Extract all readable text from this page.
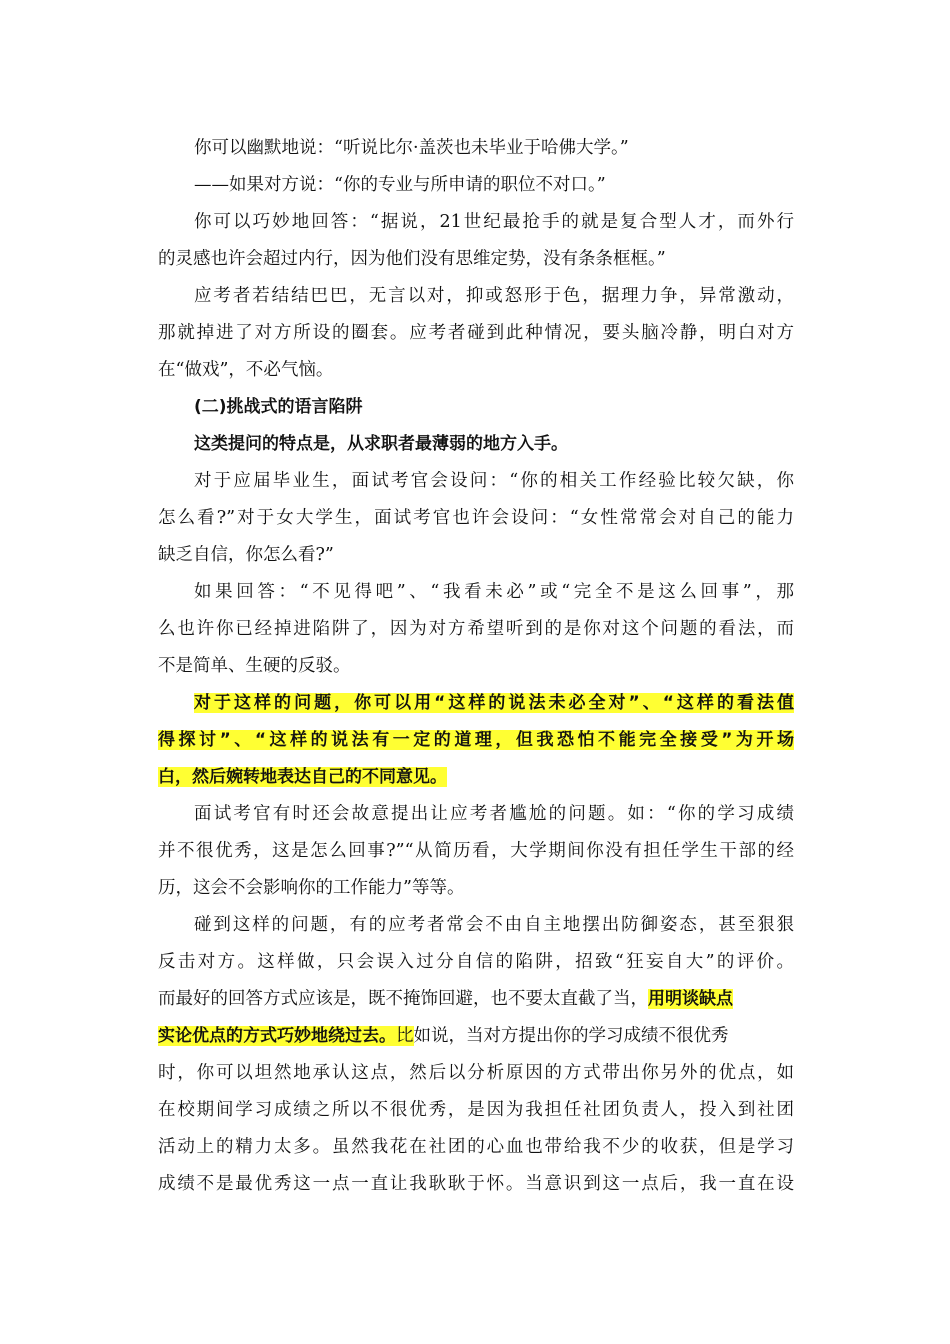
你可以幽默地说：“听说比尔·盖茨也未毕业于哈佛大学。”
——如果对方说：“你的专业与所申请的职位不对口。”
你可以巧妙地回答：“据说，21世纪最抢手的就是复合型人才，而外行
的灵感也许会超过内行，因为他们没有思维定势，没有条条框框。”
应考者若结结巴巴，无言以对，抑或怒形于色，据理力争，异常激动，
那就掉进了对方所设的圈套。应考者碰到此种情况，要头脑冷静，明白对方
在“做戏”，不必气恼。
(二)挑战式的语言陷阱
这类提问的特点是，从求职者最薄弱的地方入手。
对于应届毕业生，面试考官会设问：“你的相关工作经验比较欠缺，你
怎么看?”对于女大学生，面试考官也许会设问：“女性常常会对自己的能力
缺乏自信，你怎么看?”
如果回答：“不见得吧”、“我看未必”或“完全不是这么回事”，那
么也许你已经掉进陷阱了，因为对方希望听到的是你对这个问题的看法，而
不是简单、生硬的反驳。
对于这样的问题，你可以用“这样的说法未必全对”、“这样的看法值
得探讨”、“这样的说法有一定的道理，但我恐怕不能完全接受”为开场
白，然后婉转地表达自己的不同意见。
面试考官有时还会故意提出让应考者尴尬的问题。如：“你的学习成绩
并不很优秀，这是怎么回事?”“从简历看，大学期间你没有担任学生干部的经
历，这会不会影响你的工作能力”等等。
碰到这样的问题，有的应考者常会不由自主地摆出防御姿态，甚至狠狠
反击对方。这样做，只会误入过分自信的陷阱，招致“狂妄自大”的评价。
而最好的回答方式应该是，既不掩饰回避，也不要太直截了当，用明谈缺点
实论优点的方式巧妙地绕过去。比如说，当对方提出你的学习成绩不很优秀
时，你可以坦然地承认这点，然后以分析原因的方式带出你另外的优点，如
在校期间学习成绩之所以不很优秀，是因为我担任社团负责人，投入到社团
活动上的精力太多。虽然我花在社团的心血也带给我不少的收获，但是学习
成绩不是最优秀这一点一直让我耿耿于怀。当意识到这一点后，我一直在设
